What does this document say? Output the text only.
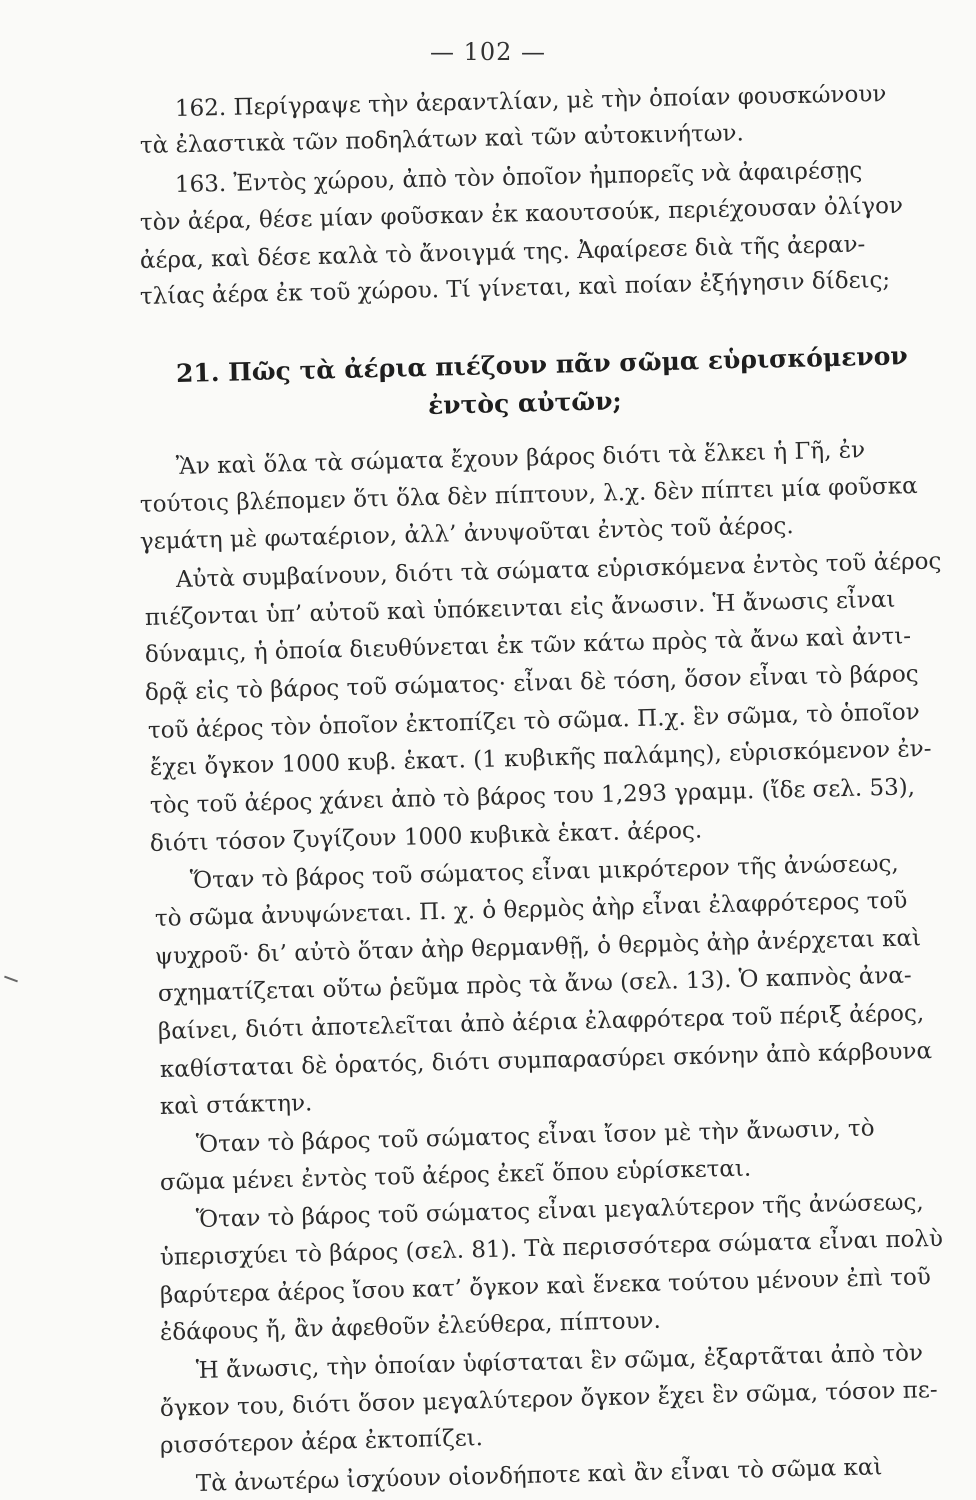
— 102 —
162. Περίγραψε τὴν ἀεραντλίαν, μὲ τὴν ὁποίαν φουσκώνουν
τὰ ἐλαστικὰ τῶν ποδηλάτων καὶ τῶν αὐτοκινήτων.
163. Ἐντὸς χώρου, ἀπὸ τὸν ὁποῖον ἠμπορεῖς νὰ ἀφαιρέσῃς
τὸν ἀέρα, θέσε μίαν φοῦσκαν ἐκ καουτσούκ, περιέχουσαν ὀλίγον
ἀέρα, καὶ δέσε καλὰ τὸ ἄνοιγμά της. Ἀφαίρεσε διὰ τῆς ἀεραν-
τλίας ἀέρα ἐκ τοῦ χώρου. Τί γίνεται, καὶ ποίαν ἐξήγησιν δίδεις;
21. Πῶς τὰ ἀέρια πιέζουν πᾶν σῶμα εὑρισκόμενον
ἐντὸς αὐτῶν;
Ἂν καὶ ὅλα τὰ σώματα ἔχουν βάρος διότι τὰ ἕλκει ἡ Γῆ, ἐν
τούτοις βλέπομεν ὅτι ὅλα δὲν πίπτουν, λ.χ. δὲν πίπτει μία φοῦσκα
γεμάτη μὲ φωταέριον, ἀλλ’ ἀνυψοῦται ἐντὸς τοῦ ἀέρος.
Αὐτὰ συμβαίνουν, διότι τὰ σώματα εὑρισκόμενα ἐντὸς τοῦ ἀέρος
πιέζονται ὑπ’ αὐτοῦ καὶ ὑπόκεινται εἰς ἄνωσιν. Ἡ ἄνωσις εἶναι
δύναμις, ἡ ὁποία διευθύνεται ἐκ τῶν κάτω πρὸς τὰ ἄνω καὶ ἀντι-
δρᾷ εἰς τὸ βάρος τοῦ σώματος· εἶναι δὲ τόση, ὅσον εἶναι τὸ βάρος
τοῦ ἀέρος τὸν ὁποῖον ἐκτοπίζει τὸ σῶμα. Π.χ. ἓν σῶμα, τὸ ὁποῖον
ἔχει ὄγκον 1000 κυβ. ἑκατ. (1 κυβικῆς παλάμης), εὑρισκόμενον ἐν-
τὸς τοῦ ἀέρος χάνει ἀπὸ τὸ βάρος του 1,293 γραμμ. (ἴδε σελ. 53),
διότι τόσον ζυγίζουν 1000 κυβικὰ ἑκατ. ἀέρος.
Ὅταν τὸ βάρος τοῦ σώματος εἶναι μικρότερον τῆς ἀνώσεως,
τὸ σῶμα ἀνυψώνεται. Π. χ. ὁ θερμὸς ἀὴρ εἶναι ἐλαφρότερος τοῦ
ψυχροῦ· δι’ αὐτὸ ὅταν ἀὴρ θερμανθῇ, ὁ θερμὸς ἀὴρ ἀνέρχεται καὶ
σχηματίζεται οὕτω ῥεῦμα πρὸς τὰ ἄνω (σελ. 13). Ὁ καπνὸς ἀνα-
βαίνει, διότι ἀποτελεῖται ἀπὸ ἀέρια ἐλαφρότερα τοῦ πέριξ ἀέρος,
καθίσταται δὲ ὁρατός, διότι συμπαρασύρει σκόνην ἀπὸ κάρβουνα
καὶ στάκτην.
Ὅταν τὸ βάρος τοῦ σώματος εἶναι ἴσον μὲ τὴν ἄνωσιν, τὸ
σῶμα μένει ἐντὸς τοῦ ἀέρος ἐκεῖ ὅπου εὑρίσκεται.
Ὅταν τὸ βάρος τοῦ σώματος εἶναι μεγαλύτερον τῆς ἀνώσεως,
ὑπερισχύει τὸ βάρος (σελ. 81). Τὰ περισσότερα σώματα εἶναι πολὺ
βαρύτερα ἀέρος ἴσου κατ’ ὄγκον καὶ ἕνεκα τούτου μένουν ἐπὶ τοῦ
ἐδάφους ἤ, ἂν ἀφεθοῦν ἐλεύθερα, πίπτουν.
Ἡ ἄνωσις, τὴν ὁποίαν ὑφίσταται ἓν σῶμα, ἐξαρτᾶται ἀπὸ τὸν
ὄγκον του, διότι ὅσον μεγαλύτερον ὄγκον ἔχει ἓν σῶμα, τόσον πε-
ρισσότερον ἀέρα ἐκτοπίζει.
Τὰ ἀνωτέρω ἰσχύουν οἱονδήποτε καὶ ἂν εἶναι τὸ σῶμα καὶ
